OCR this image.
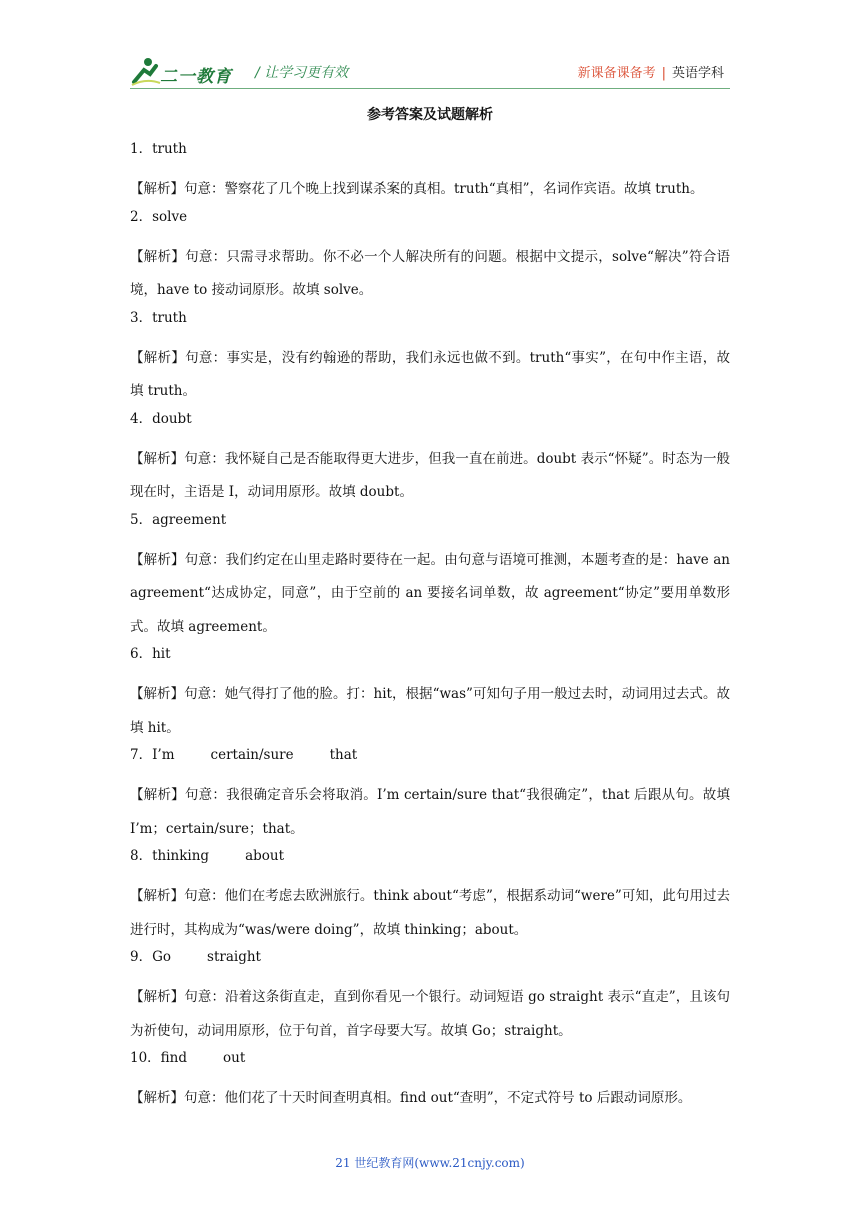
二一教育 / 让学习更有效	新课备课备考 | 英语学科
参考答案及试题解析
1．truth
【解析】句意：警察花了几个晚上找到谋杀案的真相。truth“真相”，名词作宾语。故填 truth。
2．solve
【解析】句意：只需寻求帮助。你不必一个人解决所有的问题。根据中文提示，solve“解决”符合语境，have to 接动词原形。故填 solve。
3．truth
【解析】句意：事实是，没有约翰逊的帮助，我们永远也做不到。truth“事实”，在句中作主语，故填 truth。
4．doubt
【解析】句意：我怀疑自己是否能取得更大进步，但我一直在前进。doubt 表示“怀疑”。时态为一般现在时，主语是 I，动词用原形。故填 doubt。
5．agreement
【解析】句意：我们约定在山里走路时要待在一起。由句意与语境可推测，本题考查的是：have an agreement“达成协定，同意”，由于空前的 an 要接名词单数，故 agreement“协定”要用单数形式。故填 agreement。
6．hit
【解析】句意：她气得打了他的脸。打：hit，根据“was”可知句子用一般过去时，动词用过去式。故填 hit。
7．I’m	certain/sure	that
【解析】句意：我很确定音乐会将取消。I’m certain/sure that“我很确定”，that 后跟从句。故填 I’m；certain/sure；that。
8．thinking	about
【解析】句意：他们在考虑去欧洲旅行。think about“考虑”，根据系动词“were”可知，此句用过去进行时，其构成为“was/were doing”，故填 thinking；about。
9．Go	straight
【解析】句意：沿着这条街直走，直到你看见一个银行。动词短语 go straight 表示“直走”，且该句为祈使句，动词用原形，位于句首，首字母要大写。故填 Go；straight。
10．find	out
【解析】句意：他们花了十天时间查明真相。find out“查明”，不定式符号 to 后跟动词原形。
21 世纪教育网(www.21cnjy.com)
